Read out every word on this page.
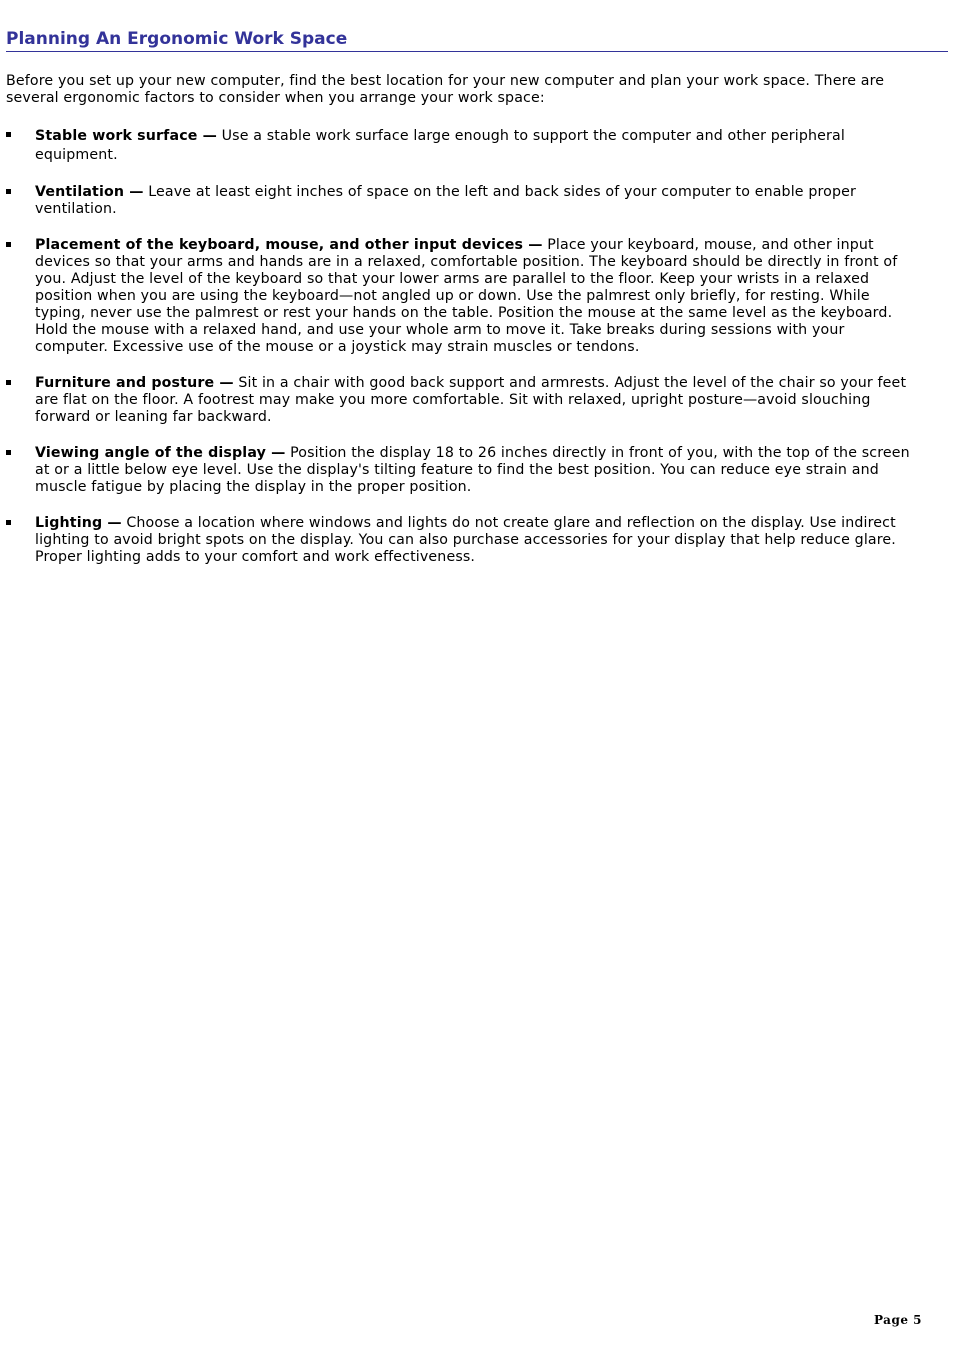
Planning An Ergonomic Work Space

Before you set up your new computer, find the best location for your new computer and plan your work space. There are several ergonomic factors to consider when you arrange your work space:

Stable work surface — Use a stable work surface large enough to support the computer and other peripheral equipment.
Ventilation — Leave at least eight inches of space on the left and back sides of your computer to enable proper ventilation.
Placement of the keyboard, mouse, and other input devices — Place your keyboard, mouse, and other input devices so that your arms and hands are in a relaxed, comfortable position. The keyboard should be directly in front of you. Adjust the level of the keyboard so that your lower arms are parallel to the floor. Keep your wrists in a relaxed position when you are using the keyboard—not angled up or down. Use the palmrest only briefly, for resting. While typing, never use the palmrest or rest your hands on the table. Position the mouse at the same level as the keyboard. Hold the mouse with a relaxed hand, and use your whole arm to move it. Take breaks during sessions with your computer. Excessive use of the mouse or a joystick may strain muscles or tendons.
Furniture and posture — Sit in a chair with good back support and armrests. Adjust the level of the chair so your feet are flat on the floor. A footrest may make you more comfortable. Sit with relaxed, upright posture—avoid slouching forward or leaning far backward.
Viewing angle of the display — Position the display 18 to 26 inches directly in front of you, with the top of the screen at or a little below eye level. Use the display's tilting feature to find the best position. You can reduce eye strain and muscle fatigue by placing the display in the proper position.
Lighting — Choose a location where windows and lights do not create glare and reflection on the display. Use indirect lighting to avoid bright spots on the display. You can also purchase accessories for your display that help reduce glare. Proper lighting adds to your comfort and work effectiveness.
Page 5
